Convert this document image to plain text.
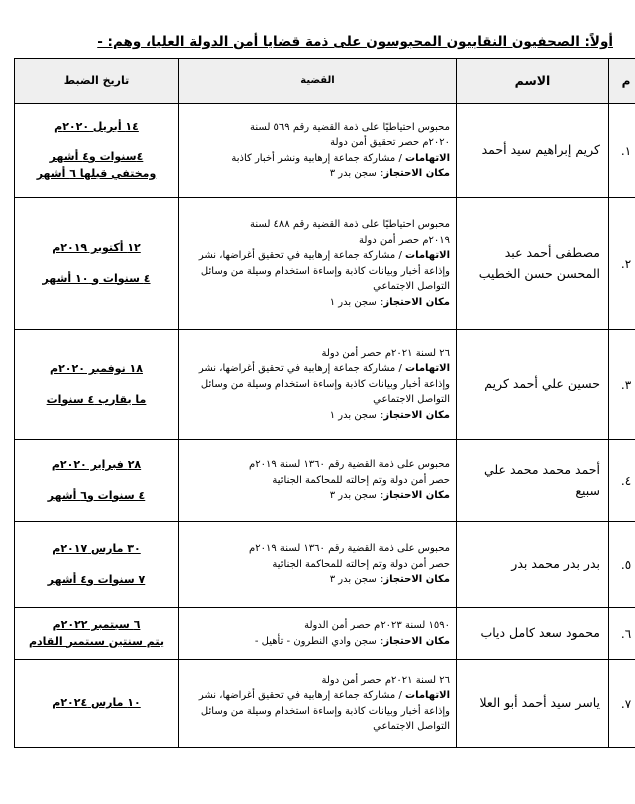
أولاً: الصحفيون النقابيون المحبوسون على ذمة قضايا أمن الدولة العليا، وهم: -
م	الاسم	القضية	تاريخ الضبط
١.	كريم إبراهيم سيد أحمد	محبوس احتياطيًا على ذمة القضية رقم ٥٦٩ لسنة
٢٠٢٠م حصر تحقيق أمن دولة
الاتهامات / مشاركة جماعة إرهابية ونشر أخبار كاذبة
مكان الاحتجاز: سجن بدر ٣	١٤ أبريل ٢٠٢٠م

٤سنوات و٤ أشهر
ومختفي قبلها ٦ أشهر
٢.	مصطفى أحمد عبد المحسن حسن الخطيب	محبوس احتياطيًا على ذمة القضية رقم ٤٨٨ لسنة
٢٠١٩م حصر أمن دولة
الاتهامات / مشاركة جماعة إرهابية في تحقيق أغراضها، نشر وإذاعة أخبار وبيانات كاذبة وإساءة استخدام وسيلة من وسائل التواصل الاجتماعي
مكان الاحتجاز: سجن بدر ١	١٢ أكتوبر ٢٠١٩م

٤ سنوات و ١٠ أشهر
٣.	حسين علي أحمد كريم	٢٦ لسنة ٢٠٢١م حصر أمن دولة
الاتهامات / مشاركة جماعة إرهابية في تحقيق أغراضها، نشر وإذاعة أخبار وبيانات كاذبة وإساءة استخدام وسيلة من وسائل التواصل الاجتماعي
مكان الاحتجاز: سجن بدر ١	١٨ نوفمبر ٢٠٢٠م

ما يقارب ٤ سنوات
٤.	أحمد محمد محمد علي سبيع	محبوس على ذمة القضية رقم ١٣٦٠ لسنة ٢٠١٩م
حصر أمن دولة وتم إحالته للمحاكمة الجنائية
مكان الاحتجاز: سجن بدر ٣	٢٨ فبراير ٢٠٢٠م

٤ سنوات و٦ أشهر
٥.	بدر بدر محمد بدر	محبوس على ذمة القضية رقم ١٣٦٠ لسنة ٢٠١٩م
حصر أمن دولة وتم إحالته للمحاكمة الجنائية
مكان الاحتجاز: سجن بدر ٣	٣٠ مارس ٢٠١٧م

٧ سنوات و٤ أشهر
٦.	محمود سعد كامل دياب	١٥٩٠ لسنة ٢٠٢٣م حصر أمن الدولة
مكان الاحتجاز: سجن وادي النطرون - تأهيل -	٦ سبتمبر ٢٠٢٢م
يتم سنتين سبتمبر القادم
٧.	ياسر سيد أحمد أبو العلا	٢٦ لسنة ٢٠٢١م حصر أمن دولة
الاتهامات / مشاركة جماعة إرهابية في تحقيق أغراضها، نشر وإذاعة أخبار وبيانات كاذبة وإساءة استخدام وسيلة من وسائل التواصل الاجتماعي	١٠ مارس ٢٠٢٤م
